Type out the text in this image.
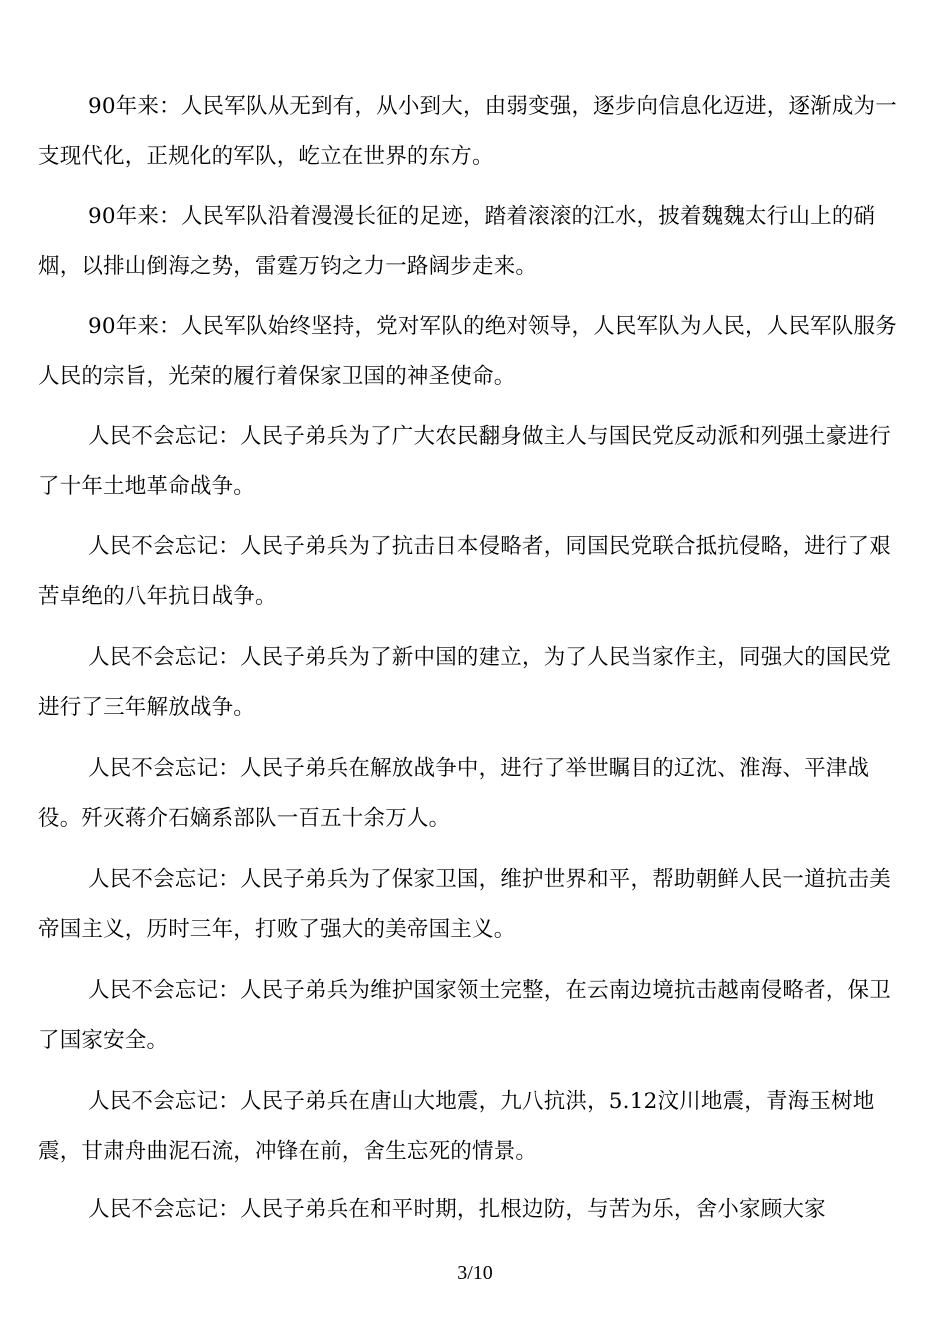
90年来：人民军队从无到有，从小到大，由弱变强，逐步向信息化迈进，逐渐成为一支现代化，正规化的军队，屹立在世界的东方。

90年来：人民军队沿着漫漫长征的足迹，踏着滚滚的江水，披着魏魏太行山上的硝烟，以排山倒海之势，雷霆万钧之力一路阔步走来。

90年来：人民军队始终坚持，党对军队的绝对领导，人民军队为人民，人民军队服务人民的宗旨，光荣的履行着保家卫国的神圣使命。

人民不会忘记：人民子弟兵为了广大农民翻身做主人与国民党反动派和列强土豪进行了十年土地革命战争。

人民不会忘记：人民子弟兵为了抗击日本侵略者，同国民党联合抵抗侵略，进行了艰苦卓绝的八年抗日战争。

人民不会忘记：人民子弟兵为了新中国的建立，为了人民当家作主，同强大的国民党进行了三年解放战争。

人民不会忘记：人民子弟兵在解放战争中，进行了举世瞩目的辽沈、淮海、平津战役。歼灭蒋介石嫡系部队一百五十余万人。

人民不会忘记：人民子弟兵为了保家卫国，维护世界和平，帮助朝鲜人民一道抗击美帝国主义，历时三年，打败了强大的美帝国主义。

人民不会忘记：人民子弟兵为维护国家领土完整，在云南边境抗击越南侵略者，保卫了国家安全。

人民不会忘记：人民子弟兵在唐山大地震，九八抗洪，5.12汶川地震，青海玉树地震，甘肃舟曲泥石流，冲锋在前，舍生忘死的情景。

人民不会忘记：人民子弟兵在和平时期，扎根边防，与苦为乐，舍小家顾大家

3/10
